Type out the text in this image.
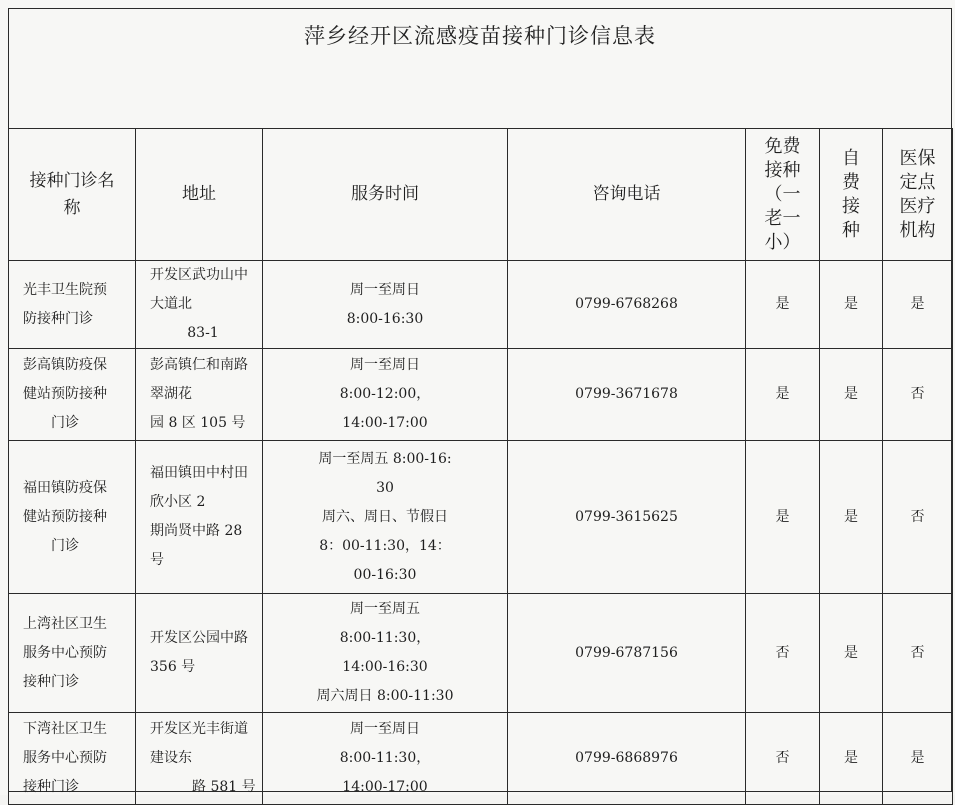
萍乡经开区流感疫苗接种门诊信息表
接种门诊名
称	地址	服务时间	咨询电话	免费
接种
（一
老一
小）	自
费
接
种	医保
定点
医疗
机构

光丰卫生院预
防接种门诊	开发区武功山中大道北
83-1	周一至周日
8:00-16:30	0799-6768268	是	是	是

彭高镇防疫保
健站预防接种
门诊	彭高镇仁和南路翠湖花
园 8 区 105 号	周一至周日
8:00-12:00，
14:00-17:00	0799-3671678	是	是	否

福田镇防疫保
健站预防接种
门诊	福田镇田中村田欣小区 2
期尚贤中路 28 号	周一至周五 8:00-16:
30
周六、周日、节假日
8：00-11:30，14：
00-16:30	0799-3615625	是	是	否

上湾社区卫生
服务中心预防
接种门诊	开发区公园中路 356 号	周一至周五
8:00-11:30，
14:00-16:30
周六周日 8:00-11:30	0799-6787156	否	是	否

下湾社区卫生
服务中心预防
接种门诊	开发区光丰街道建设东
路 581 号	周一至周日
8:00-11:30，
14:00-17:00	0799-6868976	否	是	是
